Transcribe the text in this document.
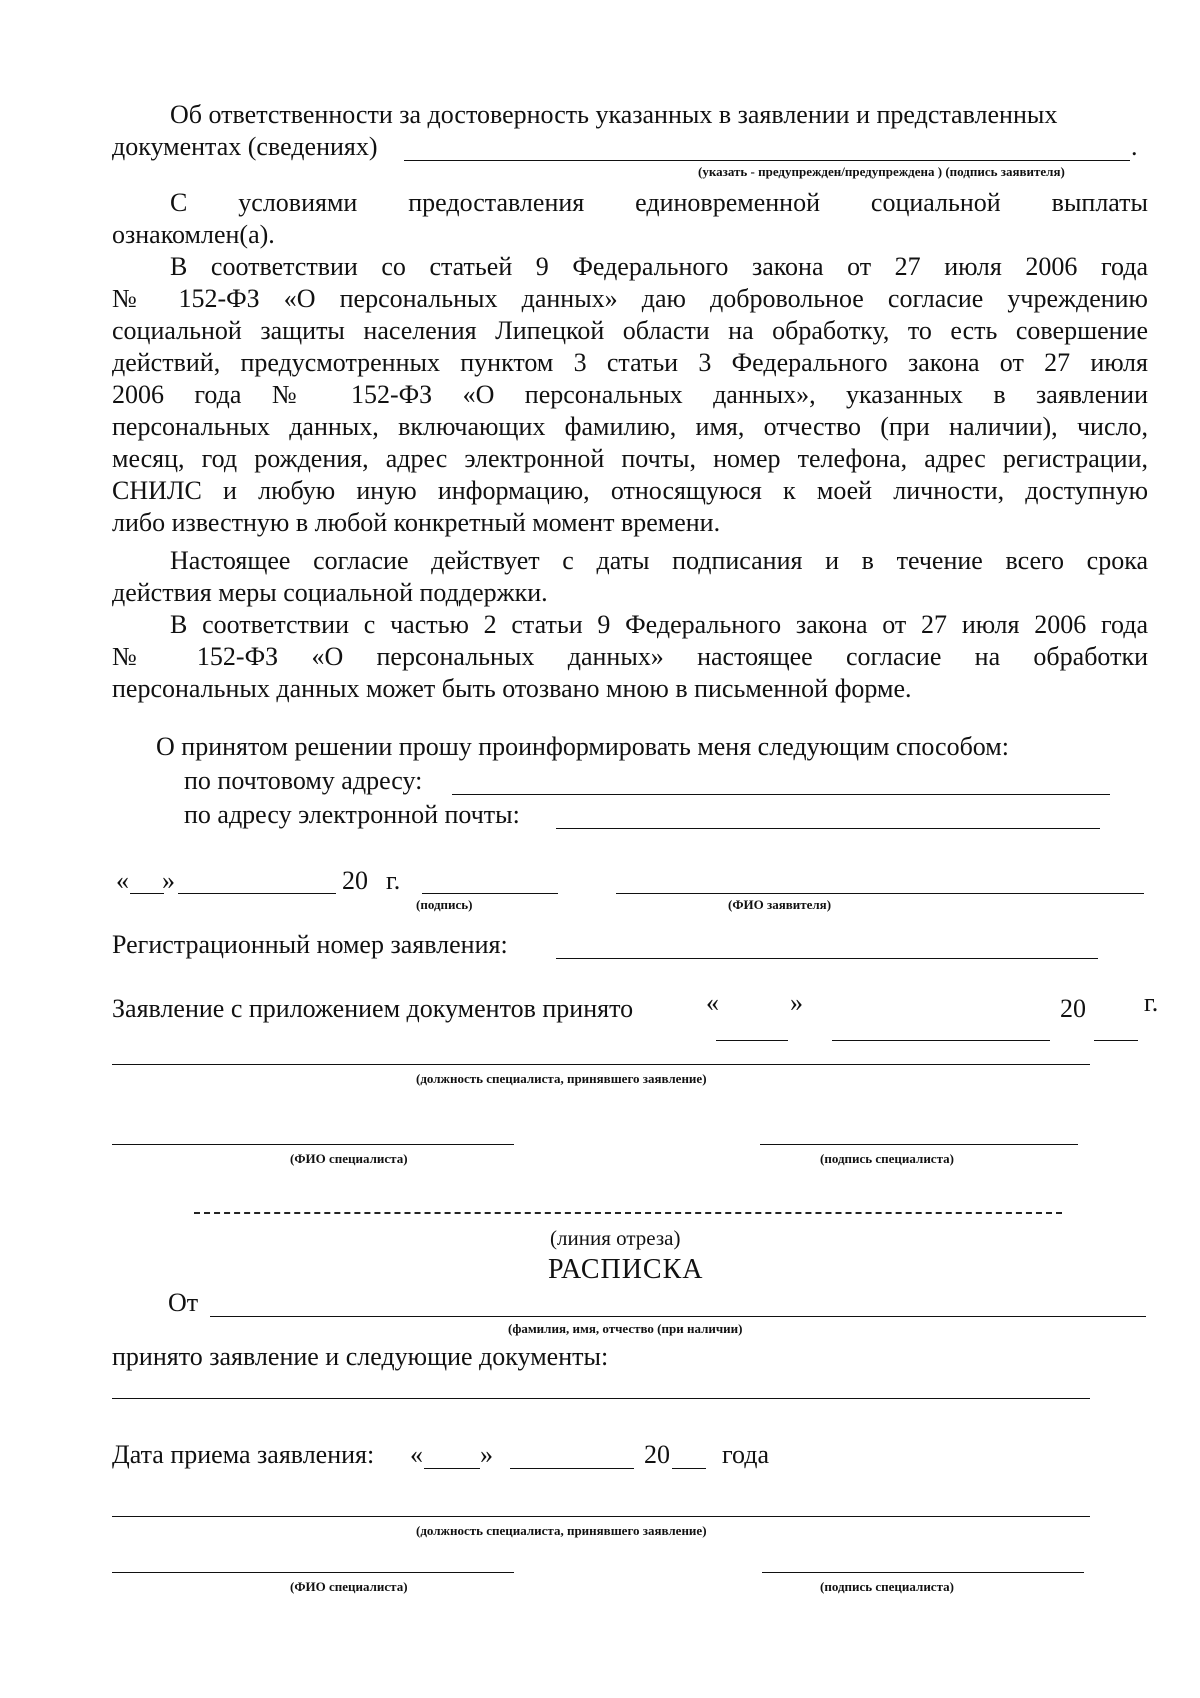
Об ответственности за достоверность указанных в заявлении и представленных
документах (сведениях)	.
(указать - предупрежден/предупреждена ) (подпись заявителя)
С условиями предоставления единовременной социальной выплаты
ознакомлен(а).
В соответствии со статьей 9 Федерального закона от 27 июля 2006 года
№ 152-ФЗ «О персональных данных» даю добровольное согласие учреждению
социальной защиты населения Липецкой области на обработку, то есть совершение
действий, предусмотренных пунктом 3 статьи 3 Федерального закона от 27 июля
2006 года № 152-ФЗ «О персональных данных», указанных в заявлении
персональных данных, включающих фамилию, имя, отчество (при наличии), число,
месяц, год рождения, адрес электронной почты, номер телефона, адрес регистрации,
СНИЛС и любую иную информацию, относящуюся к моей личности, доступную
либо известную в любой конкретный момент времени.
Настоящее согласие действует с даты подписания и в течение всего срока
действия меры социальной поддержки.
В соответствии с частью 2 статьи 9 Федерального закона от 27 июля 2006 года
№ 152-ФЗ «О персональных данных» настоящее согласие на обработки
персональных данных может быть отозвано мною в письменной форме.
О принятом решении прошу проинформировать меня следующим способом:
по почтовому адресу:
по адресу электронной почты:
« »	20 г.
(подпись)	(ФИО заявителя)
Регистрационный номер заявления:
Заявление с приложением документов принято	«	»	20 г.
(должность специалиста, принявшего заявление)
(ФИО специалиста)	(подпись специалиста)
(линия отреза)
РАСПИСКА
От
(фамилия, имя, отчество (при наличии)
принято заявление и следующие документы:
Дата приема заявления: « »	20 года
(должность специалиста, принявшего заявление)
(ФИО специалиста)	(подпись специалиста)
